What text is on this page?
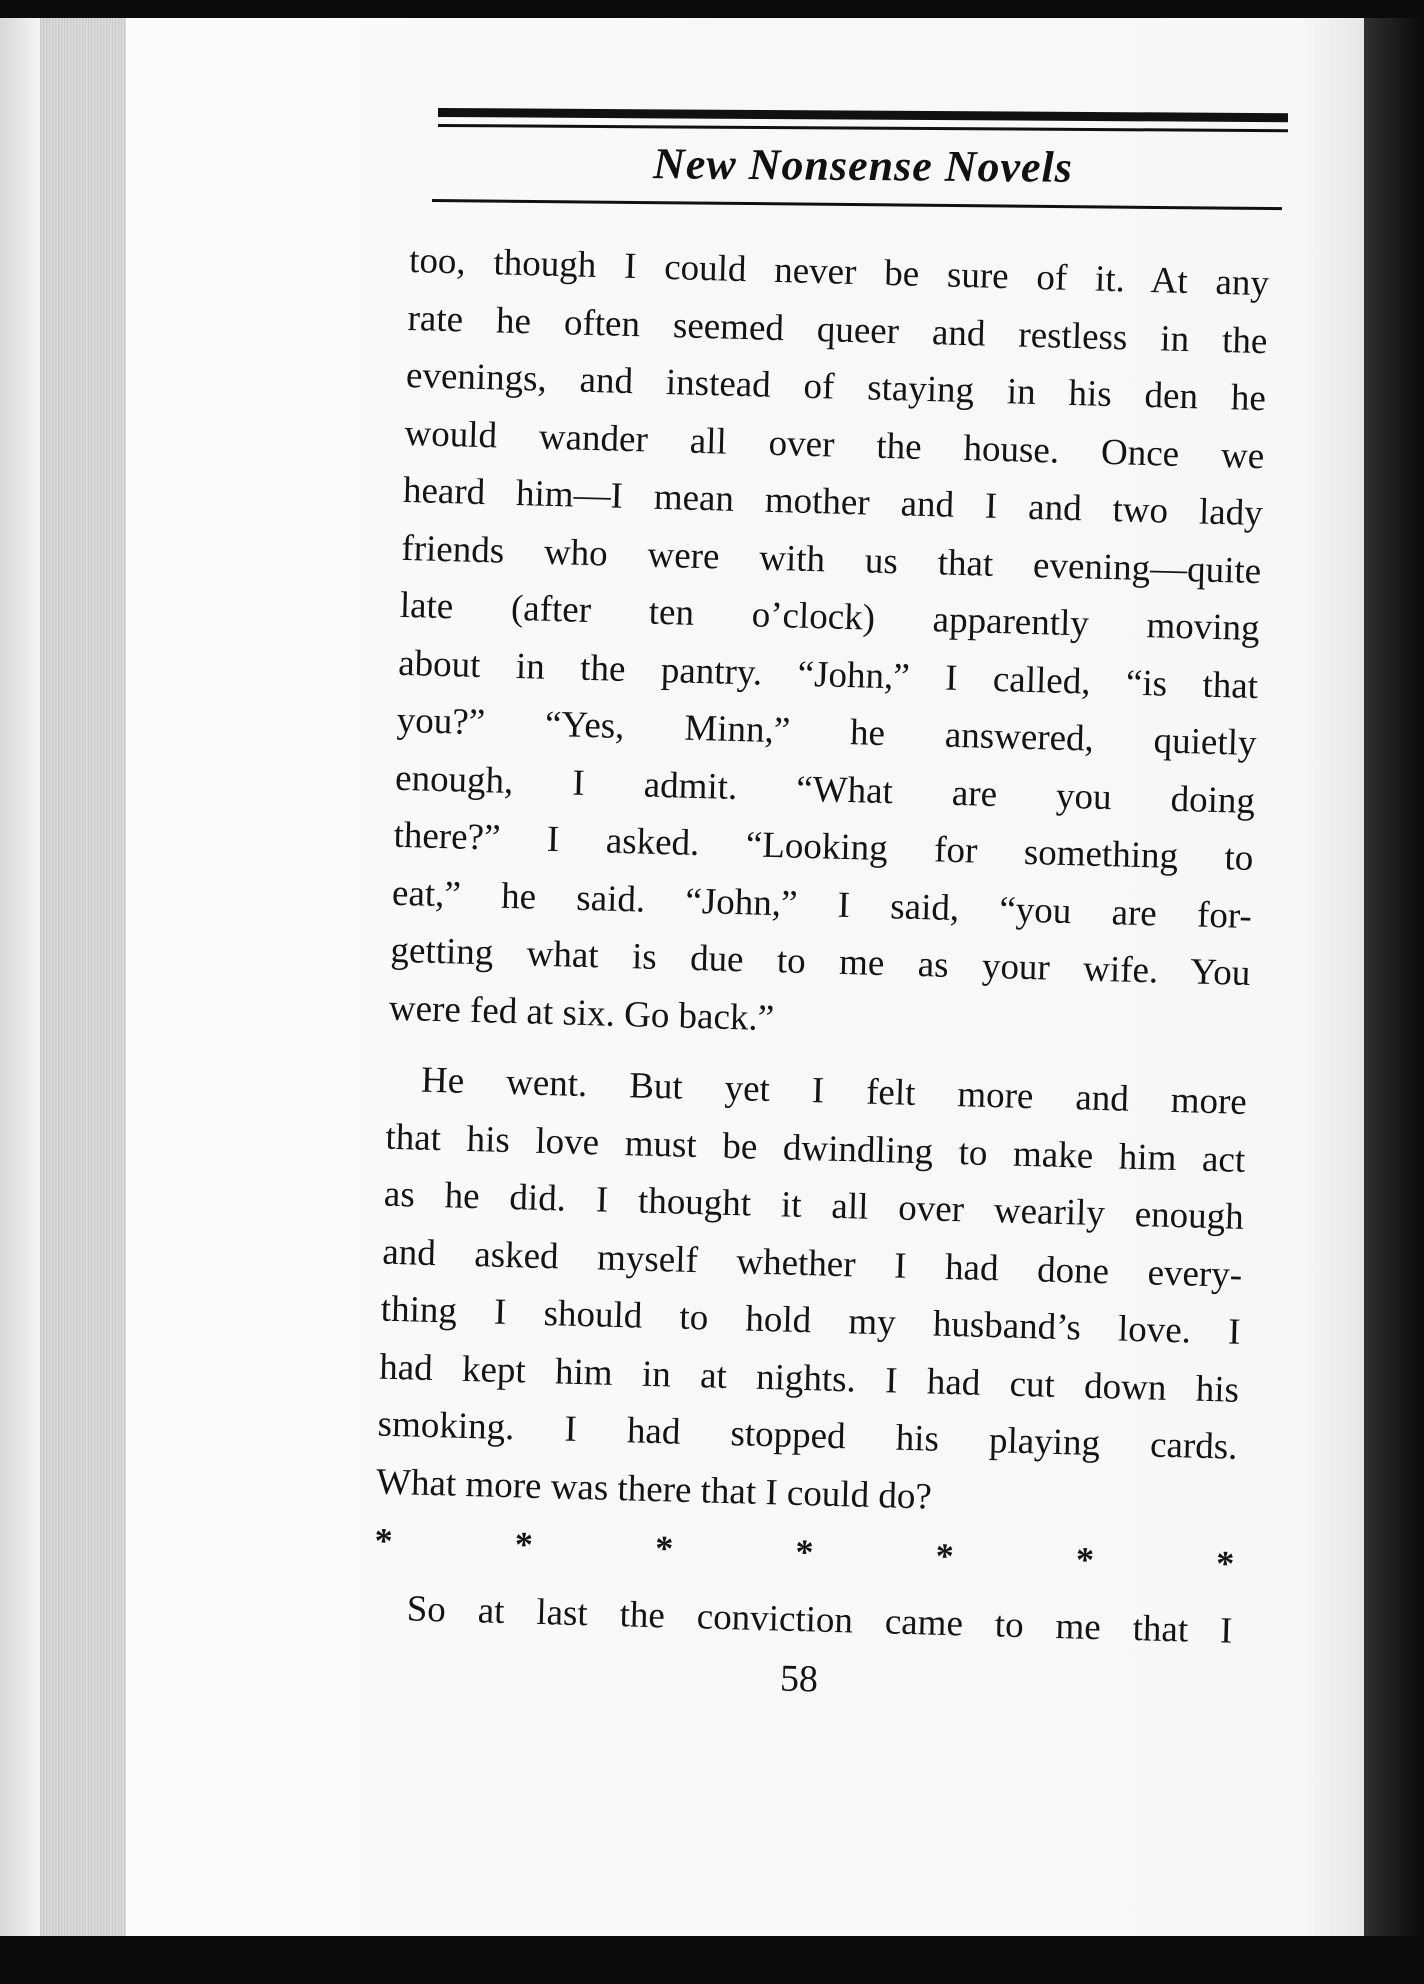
New Nonsense Novels
too, though I could never be sure of it. At any
rate he often seemed queer and restless in the
evenings, and instead of staying in his den he
would wander all over the house. Once we
heard him—I mean mother and I and two lady
friends who were with us that evening—quite
late (after ten o’clock) apparently moving
about in the pantry. “John,” I called, “is that
you?” “Yes, Minn,” he answered, quietly
enough, I admit. “What are you doing
there?” I asked. “Looking for something to
eat,” he said. “John,” I said, “you are for-
getting what is due to me as your wife. You
were fed at six. Go back.”
He went. But yet I felt more and more
that his love must be dwindling to make him act
as he did. I thought it all over wearily enough
and asked myself whether I had done every-
thing I should to hold my husband’s love. I
had kept him in at nights. I had cut down his
smoking. I had stopped his playing cards.
What more was there that I could do?
*	*	*	*	*	*	*
So at last the conviction came to me that I
58
